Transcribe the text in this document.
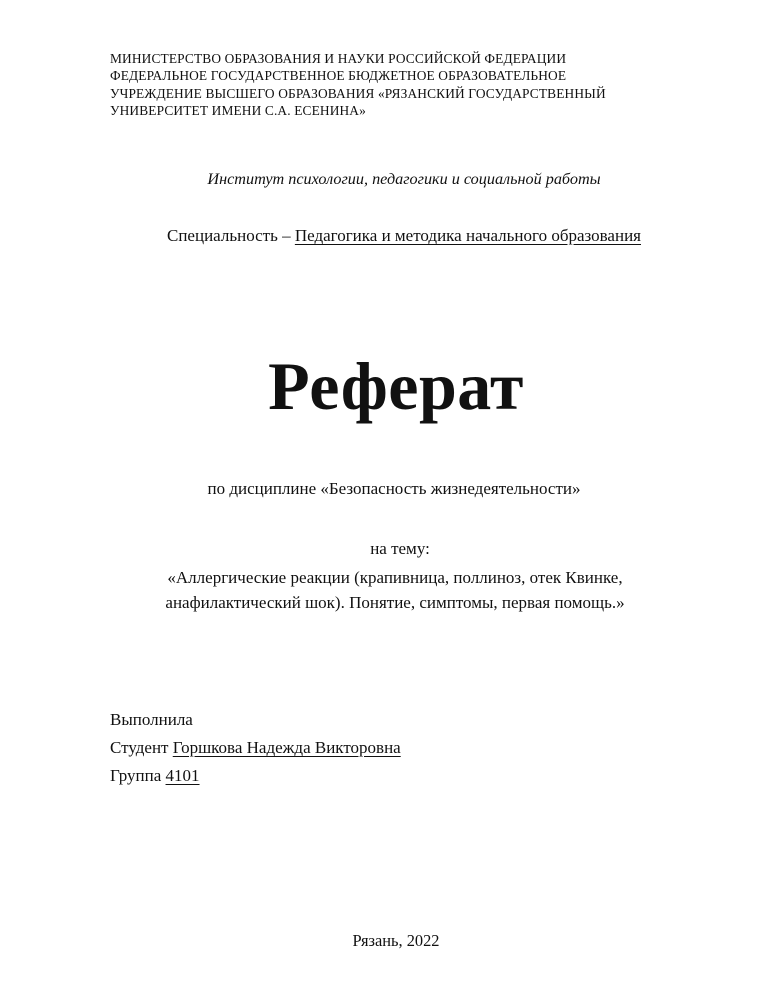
МИНИСТЕРСТВО ОБРАЗОВАНИЯ И НАУКИ РОССИЙСКОЙ ФЕДЕРАЦИИ
ФЕДЕРАЛЬНОЕ ГОСУДАРСТВЕННОЕ БЮДЖЕТНОЕ ОБРАЗОВАТЕЛЬНОЕ
УЧРЕЖДЕНИЕ ВЫСШЕГО ОБРАЗОВАНИЯ «РЯЗАНСКИЙ ГОСУДАРСТВЕННЫЙ
УНИВЕРСИТЕТ ИМЕНИ С.А. ЕСЕНИНА»
Институт психологии, педагогики и социальной работы
Специальность – Педагогика и методика начального образования
Реферат
по дисциплине «Безопасность жизнедеятельности»
на тему:
«Аллергические реакции (крапивница, поллиноз, отек Квинке,
анафилактический шок). Понятие, симптомы, первая помощь.»
Выполнила
Студент Горшкова Надежда Викторовна
Группа 4101
Рязань, 2022
